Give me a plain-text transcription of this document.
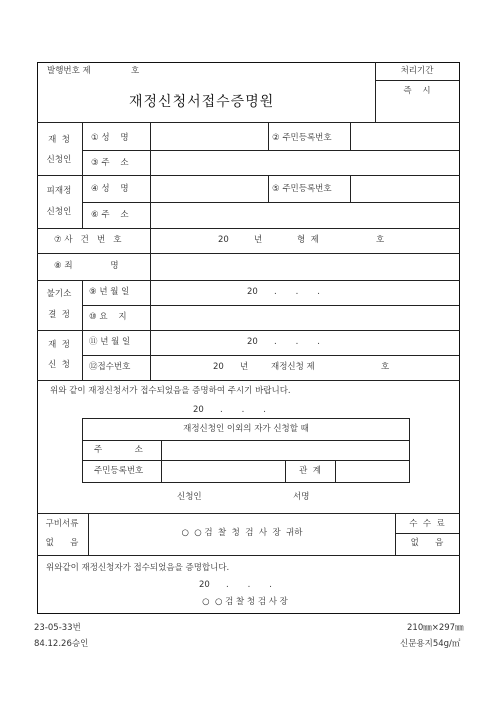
발행번호 제	호	처리기간
즉    시
재정신청서접수증명원
재  청
신청인
① 성    명	② 주민등록번호
③ 주    소
피재정
신청인
④ 성    명	⑤ 주민등록번호
⑥ 주    소
⑦ 사   건   번   호	20	년	형  제	호
⑧ 죄              명
불기소
결  정
⑨ 년 월 일	20      .       .       .
⑩ 요    지
재  정
신  청
⑪ 년 월 일	20      .       .       .
⑫접수번호	20 년	재정신청 제	호
위와 같이 재정신청서가 접수되었음을 증명하여 주시기 바랍니다.
20      .       .       .
재정신청인 이외의 자가 신청할 때
주            소
주민등록번호	관  계
신청인	서명
구비서류
없      음
○  ○ 검  찰  청  검  사  장  귀하
수  수  료
없      음
위와같이 재정신청자가 접수되었음을 증명합니다.
20      .       .       .
○  ○ 검 찰 청 검 사 장
23-05-33번
84.12.26승인
210㎜×297㎜
신문용지54g/㎡
